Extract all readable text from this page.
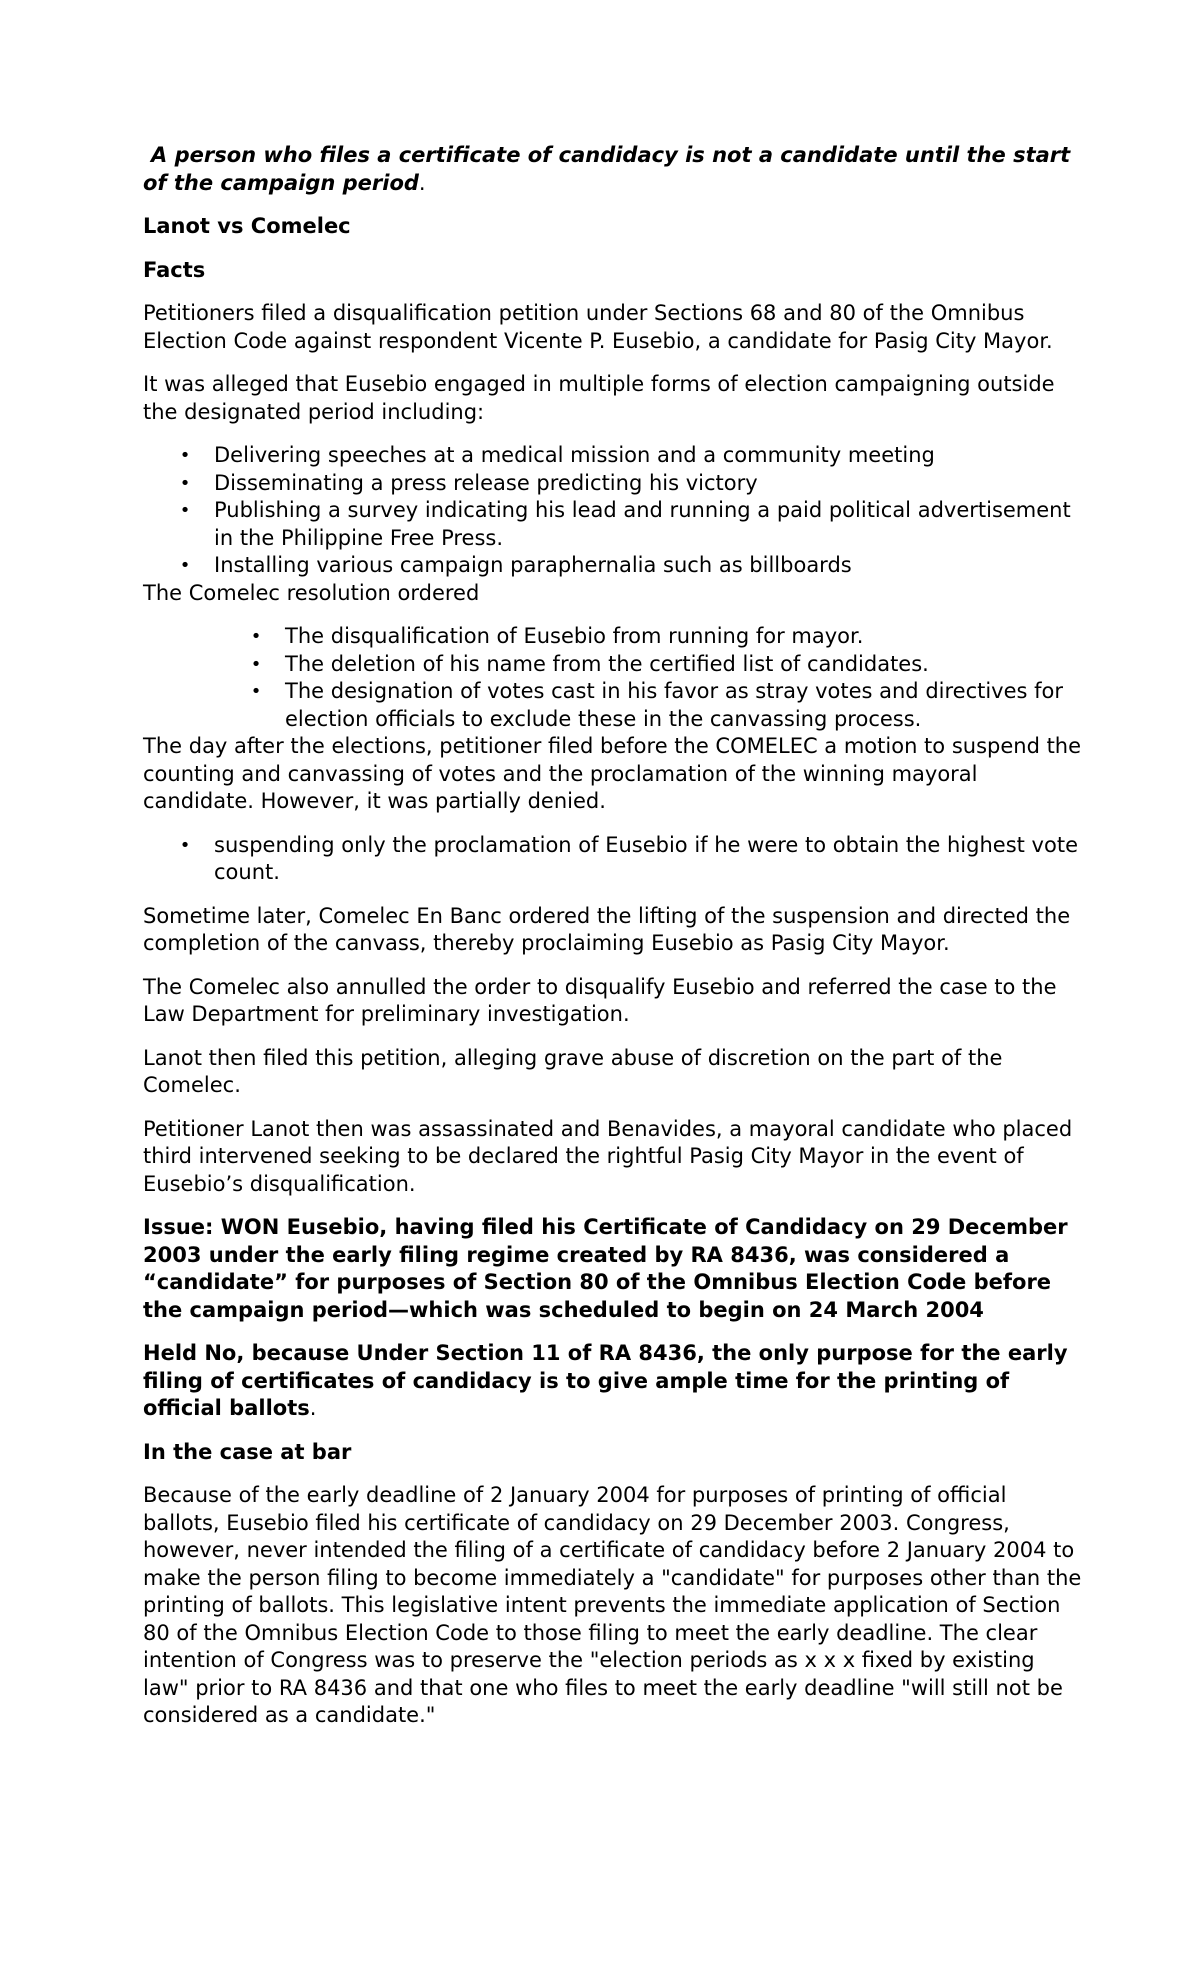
A person who files a certificate of candidacy is not a candidate until the start of the campaign period.

Lanot vs Comelec

Facts

Petitioners filed a disqualification petition under Sections 68 and 80 of the Omnibus Election Code against respondent Vicente P. Eusebio, a candidate for Pasig City Mayor.

It was alleged that Eusebio engaged in multiple forms of election campaigning outside the designated period including:

• Delivering speeches at a medical mission and a community meeting
• Disseminating a press release predicting his victory
• Publishing a survey indicating his lead and running a paid political advertisement in the Philippine Free Press.
• Installing various campaign paraphernalia such as billboards

The Comelec resolution ordered

• The disqualification of Eusebio from running for mayor.
• The deletion of his name from the certified list of candidates.
• The designation of votes cast in his favor as stray votes and directives for election officials to exclude these in the canvassing process.

The day after the elections, petitioner filed before the COMELEC a motion to suspend the counting and canvassing of votes and the proclamation of the winning mayoral candidate. However, it was partially denied.

• suspending only the proclamation of Eusebio if he were to obtain the highest vote count.

Sometime later, Comelec En Banc ordered the lifting of the suspension and directed the completion of the canvass, thereby proclaiming Eusebio as Pasig City Mayor.

The Comelec also annulled the order to disqualify Eusebio and referred the case to the Law Department for preliminary investigation.

Lanot then filed this petition, alleging grave abuse of discretion on the part of the Comelec.

Petitioner Lanot then was assassinated and Benavides, a mayoral candidate who placed third intervened seeking to be declared the rightful Pasig City Mayor in the event of Eusebio’s disqualification.

Issue: WON Eusebio, having filed his Certificate of Candidacy on 29 December 2003 under the early filing regime created by RA 8436, was considered a “candidate” for purposes of Section 80 of the Omnibus Election Code before the campaign period—which was scheduled to begin on 24 March 2004

Held No, because Under Section 11 of RA 8436, the only purpose for the early filing of certificates of candidacy is to give ample time for the printing of official ballots.

In the case at bar

Because of the early deadline of 2 January 2004 for purposes of printing of official ballots, Eusebio filed his certificate of candidacy on 29 December 2003. Congress, however, never intended the filing of a certificate of candidacy before 2 January 2004 to make the person filing to become immediately a "candidate" for purposes other than the printing of ballots. This legislative intent prevents the immediate application of Section 80 of the Omnibus Election Code to those filing to meet the early deadline. The clear intention of Congress was to preserve the "election periods as x x x fixed by existing law" prior to RA 8436 and that one who files to meet the early deadline "will still not be considered as a candidate."
